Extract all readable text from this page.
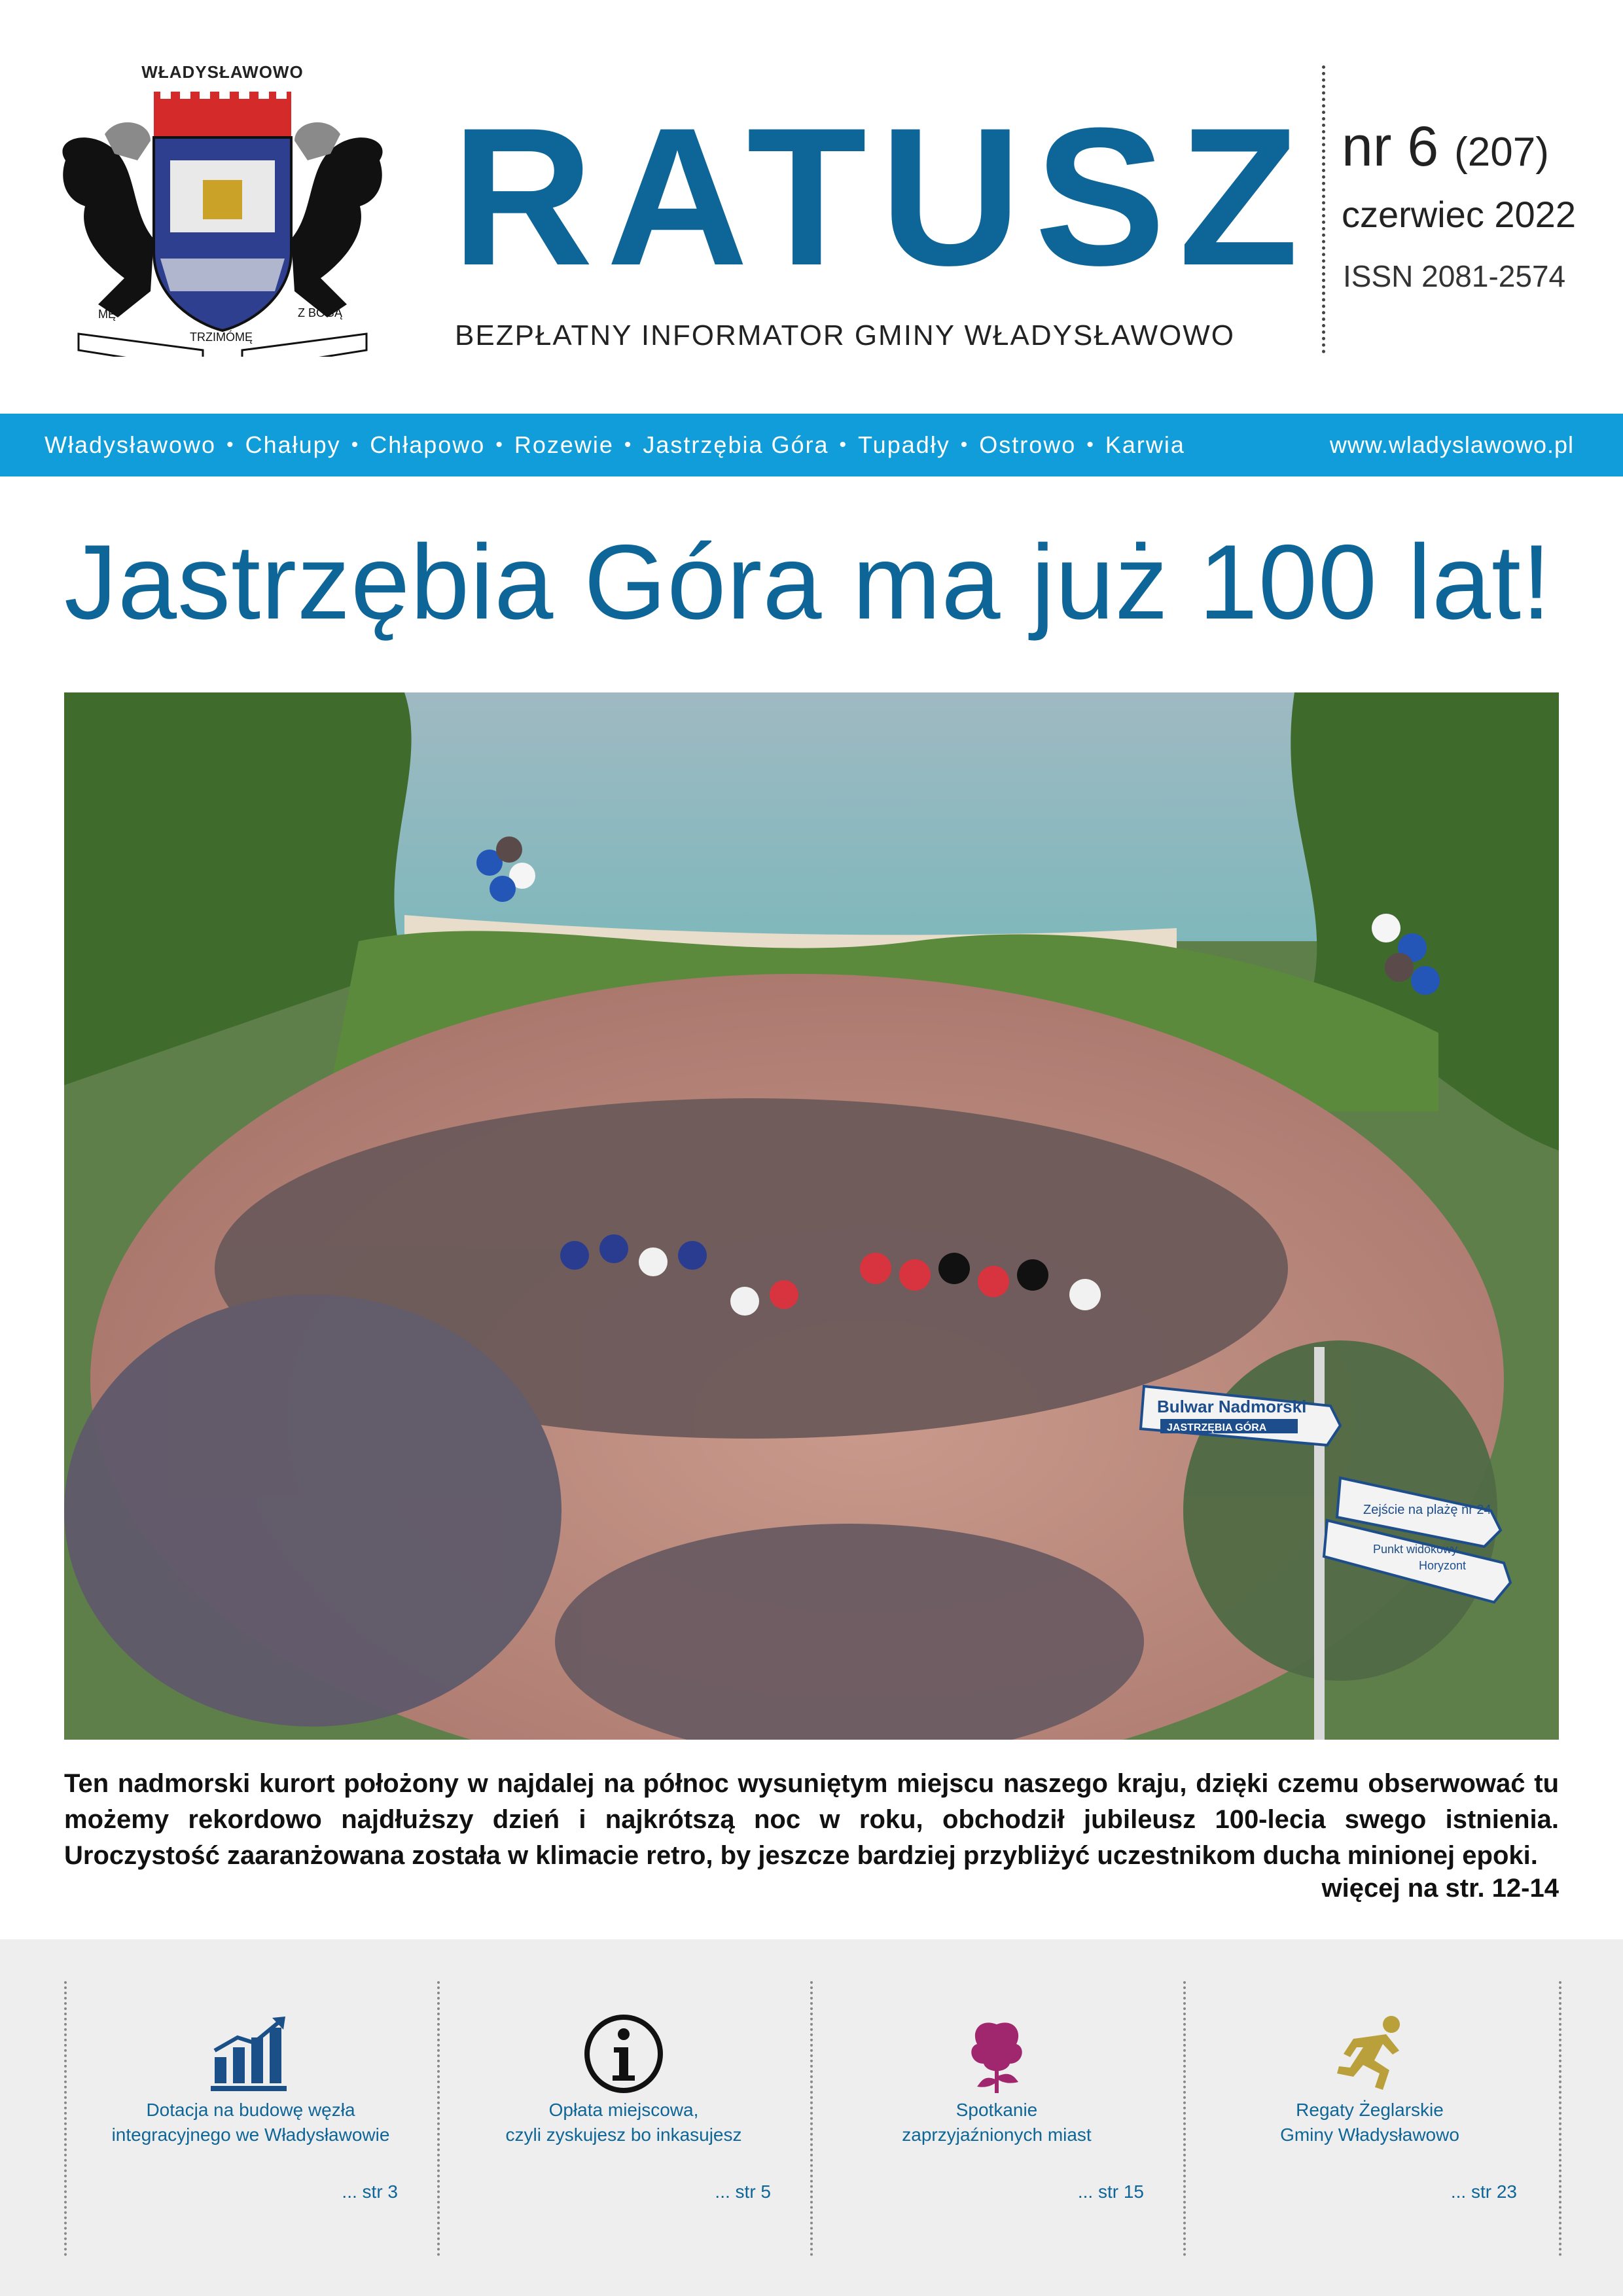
WŁADYSŁAWOWO
MĘ
TRZIMÓMĘ
Z BÓGĄ
RATUSZ
BEZPŁATNY INFORMATOR GMINY WŁADYSŁAWOWO
nr 6 (207)
czerwiec 2022
ISSN 2081-2574
Władysławowo • Chałupy • Chłapowo • Rozewie • Jastrzębia Góra • Tupadły • Ostrowo • Karwia	www.wladyslawowo.pl
Jastrzębia Góra ma już 100 lat!
Bulwar Nadmorski
JASTRZĘBIA GÓRA
Zejście na plażę nr 24
Punkt widokowy
Horyzont
Ten nadmorski kurort położony w najdalej na północ wysuniętym miejscu naszego kraju, dzięki czemu obserwować tu możemy rekordowo najdłuższy dzień i najkrótszą noc w roku, obchodził jubileusz 100-lecia swego istnienia. Uroczystość zaaranżowana została w klimacie retro, by jeszcze bardziej przybliżyć uczestnikom ducha minionej epoki.
więcej na str. 12-14
Dotacja na budowę węzła
integracyjnego we Władysławowie
... str 3
Opłata miejscowa,
czyli zyskujesz bo inkasujesz
... str 5
Spotkanie
zaprzyjaźnionych miast
... str 15
Regaty Żeglarskie
Gminy Władysławowo
... str 23
